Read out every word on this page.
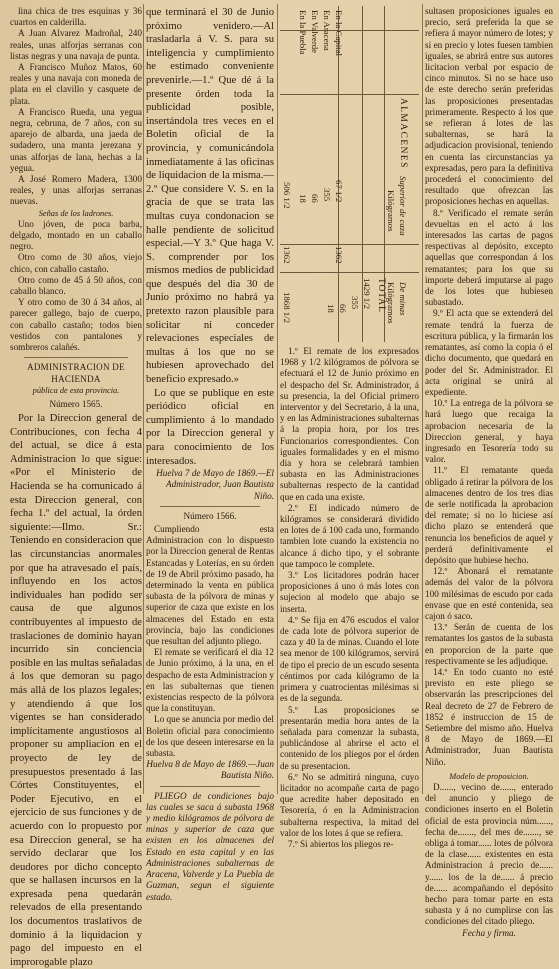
lina chica de tres esquinas y 36 cuartos en calderilla.

A Juan Alvarez Madroñal, 240 reales, unas alforjas serranas con listas negras y una navaja de punta.

A Francisco Muñoz Matos, 60 reales y una navaja con moneda de plata en el clavillo y casquete de plata.

A Francisco Rueda, una yegua negra, cebruna, de 7 años, con su aparejo de albarda, una jaeda de sudadero, una manta jerezana y unas alforjas de lana, hechas a la yegua.

A José Romero Madera, 1300 reales, y unas alforjas serranas nuevas.

Señas de los ladrones.

Uno jóven, de poca barba, delgado, montado en un caballo negro.

Otro como de 30 años, viejo chico, con caballo castaño.

Otro como de 45 á 50 años, con caballo blanco.

Y otro como de 30 á 34 años, al parecer gallego, bajo de cuerpo, con caballo castaño; todos bien vestidos con pantalones y sombreros calañés.

ADMINISTRACION DE HACIENDA

pública de esta provincia.

Número 1565.

Por la Direccion general de Contribuciones, con fecha 4 del actual, se dice á esta Administracion lo que sigue: «Por el Ministerio de Hacienda se ha comunicado á esta Direccion general, con fecha 1.º del actual, la órden siguiente:—Ilmo. Sr.: Teniendo en consideracion que las circunstancias anormales por que ha atravesado el país, influyendo en los actos individuales han podido ser causa de que algunos contribuyentes al impuesto de traslaciones de dominio hayan incurrido sin conciencia posible en las multas señaladas á los que demoran su pago más allá de los plazos legales; y atendiendo á que los vigentes se han considerado implícitamente angustiosos al proponer su ampliacion en el proyecto de ley de presupuestos presentado á las Córtes Constituyentes, el Poder Ejecutivo, en el ejercicio de sus funciones y de acuerdo con lo propuesto por esa Direccion general, se ha servido declarar que los deudores por dicho concepto que se hallasen incursos en la expresada pena quedarán relevados de ella presentando los documentos traslativos de dominio á la liquidacion y pago del impuesto en el improrogable plazo

que terminará el 30 de Junio próximo venidero.—Al trasladarla á V. S. para su inteligencia y cumplimiento he estimado conveniente prevenirle.—1.º Que dé á la presente órden toda la publicidad posible, insertándola tres veces en el Boletin oficial de la provincia, y comunicándola inmediatamente á las oficinas de liquidacion de la misma.—2.º Que considere V. S. en la gracia de que se trata las multas cuya condonacion se halle pendiente de solicitud especial.—Y 3.º Que haga V. S. comprender por los mismos medios de publicidad que después del dia 30 de Junio próximo no habrá ya pretexto razon plausible para solicitar ni conceder relevaciones especiales de multas á los que no se hubiesen aprovechado del beneficio expresado.»

Lo que se publique en este periódico oficial en cumplimiento á lo mandado por la Direccion general y para conocimiento de los interesados.

Huelva 7 de Mayo de 1869.—El Administrador, Juan Bautista Niño.

Número 1566.

Cumpliendo esta Administracion con lo dispuesto por la Direccion general de Rentas Estancadas y Loterías, en su órden de 19 de Abril próximo pasado, ha determinado la venta en pública subasta de la pólvora de minas y superior de caza que existe en los almacenes del Estado en esta provincia, bajo las condiciones que resultan del adjunto pliego.

El remate se verificará el dia 12 de Junio próximo, á la una, en el despacho de esta Administracion y en las subalternas que tienen existencias respecto de la pólvora que la constituyan.

Lo que se anuncia por medio del Boletin oficial para conocimiento de los que deseen interesarse en la subasta.

Huelva 8 de Mayo de 1869.—Juan Bautista Niño.

PLIEGO de condiciones bajo las cuales se saca á subasta 1968 y medio kilógramos de pólvora de minas y superior de caza que existen en los almacenes del Estado en esta capital y en las Administraciones subalternas de Aracena, Valverde y La Puebla de Guzman, segun el siguiente estado.

En la Capital
En Aracena
En Valverde
En la Puebla
ALMACENES
Superior de caza
De minas
Kilógramos
Kilógramos
TOTAL
67 1/2
355
66
18
506 1/2
1362
1362
1429 1/2
355
66
18
1868 1/2

1.º El remate de los expresados 1968 y 1/2 kilógramos de pólvora se efectuará el 12 de Junio próximo en el despacho del Sr. Administrador, á su presencia, la del Oficial primero interventor y del Secretario, á la una, y en las Administraciones subalternas á la propia hora, por los tres Funcionarios correspondientes. Con iguales formalidades y en el mismo dia y hora se celebrará tambien subasta en las Administraciones subalternas respecto de la cantidad que en cada una existe.

2.º El indicado número de kilógramos se considerará dividido en lotes de á 100 cada uno, formando tambien lote cuando la existencia no alcance á dicho tipo, y el sobrante que tampoco le complete.

3.º Los licitadores podrán hacer proposiciones á uno ó más lotes con sujecion al modelo que abajo se inserta.

4.º Se fija en 476 escudos el valor de cada lote de pólvora superior de caza y 40 la de minas. Cuando el lote sea menor de 100 kilógramos, servirá de tipo el precio de un escudo sesenta céntimos por cada kilógramo de la primera y cuatrocientas milésimas si es de la segunda.

5.º Las proposiciones se presentarán media hora antes de la señalada para comenzar la subasta, publicándose al abrirse el acto el contenido de los pliegos por el órden de su presentacion.

6.º No se admitirá ninguna, cuyo licitador no acompañe carta de pago que acredite haber depositado en Tesorería, ó en la Administracion subalterna respectiva, la mitad del valor de los lotes á que se refiera.

7.º Si abiertos los pliegos re-

sultasen proposiciones iguales en precio, será preferida la que se refiera á mayor número de lotes; y si en precio y lotes fuesen tambien iguales, se abrirá entre sus autores licitacion verbal por espacio de cinco minutos. Si no se hace uso de este derecho serán preferidas las proposiciones presentadas primeramente. Respecto á los que se refieran á lotes de las subalternas, se hará la adjudicacion provisional, teniendo en cuenta las circunstancias ya expresadas, pero para la definitiva procederá el conocimiento del resultado que ofrezcan las proposiciones hechas en aquellas.

8.º Verificado el remate serán devueltas en el acto á los interesados las cartas de pagos respectivas al depósito, excepto aquellas que correspondan á los rematantes; para los que su importe deberá imputarse al pago de los lotes que hubiesen subastado.

9.º El acta que se extenderá del remate tendrá la fuerza de escritura pública, y la firmarán los rematantes, así como la copia ó el dicho documento, que quedará en poder del Sr. Administrador. El acta original se unirá al expediente.

10.º La entrega de la pólvora se hará luego que recaiga la aprobacion necesaria de la Direccion general, y haya ingresado en Tesorería todo su valor.

11.º El rematante queda obligado á retirar la pólvora de los almacenes dentro de los tres dias de serle notificada la aprobacion del remate; si no lo hiciese así dicho plazo se entenderá que renuncia los beneficios de aquel y perderá definitivamente el depósito que hubiese hecho.

12.º Abonará el rematante además del valor de la pólvora 100 milésimas de escudo por cada envase que en esté contenida, sea cajon ó saco.

13.º Serán de cuenta de los rematantes los gastos de la subasta en proporcion de la parte que respectivamente se les adjudique.

14.º En todo cuanto no esté previsto en este pliego se observarán las prescripciones del Real decreto de 27 de Febrero de 1852 é instruccion de 15 de Setiembre del mismo año. Huelva 8 de Mayo de 1869.—El Administrador, Juan Bautista Niño.

Modelo de proposicion.

D......, vecino de......, enterado del anuncio y pliego de condiciones inserto en el Boletin oficial de esta provincia núm......, fecha de......., del mes de......., se obliga á tomar...... lotes de pólvora de la clase...... existentes en esta Administracion á precio de...... y...... los de la de...... á precio de...... acompañando el depósito hecho para tomar parte en esta subasta y á no cumplirse con las condiciones del citado pliego.

Fecha y firma.
